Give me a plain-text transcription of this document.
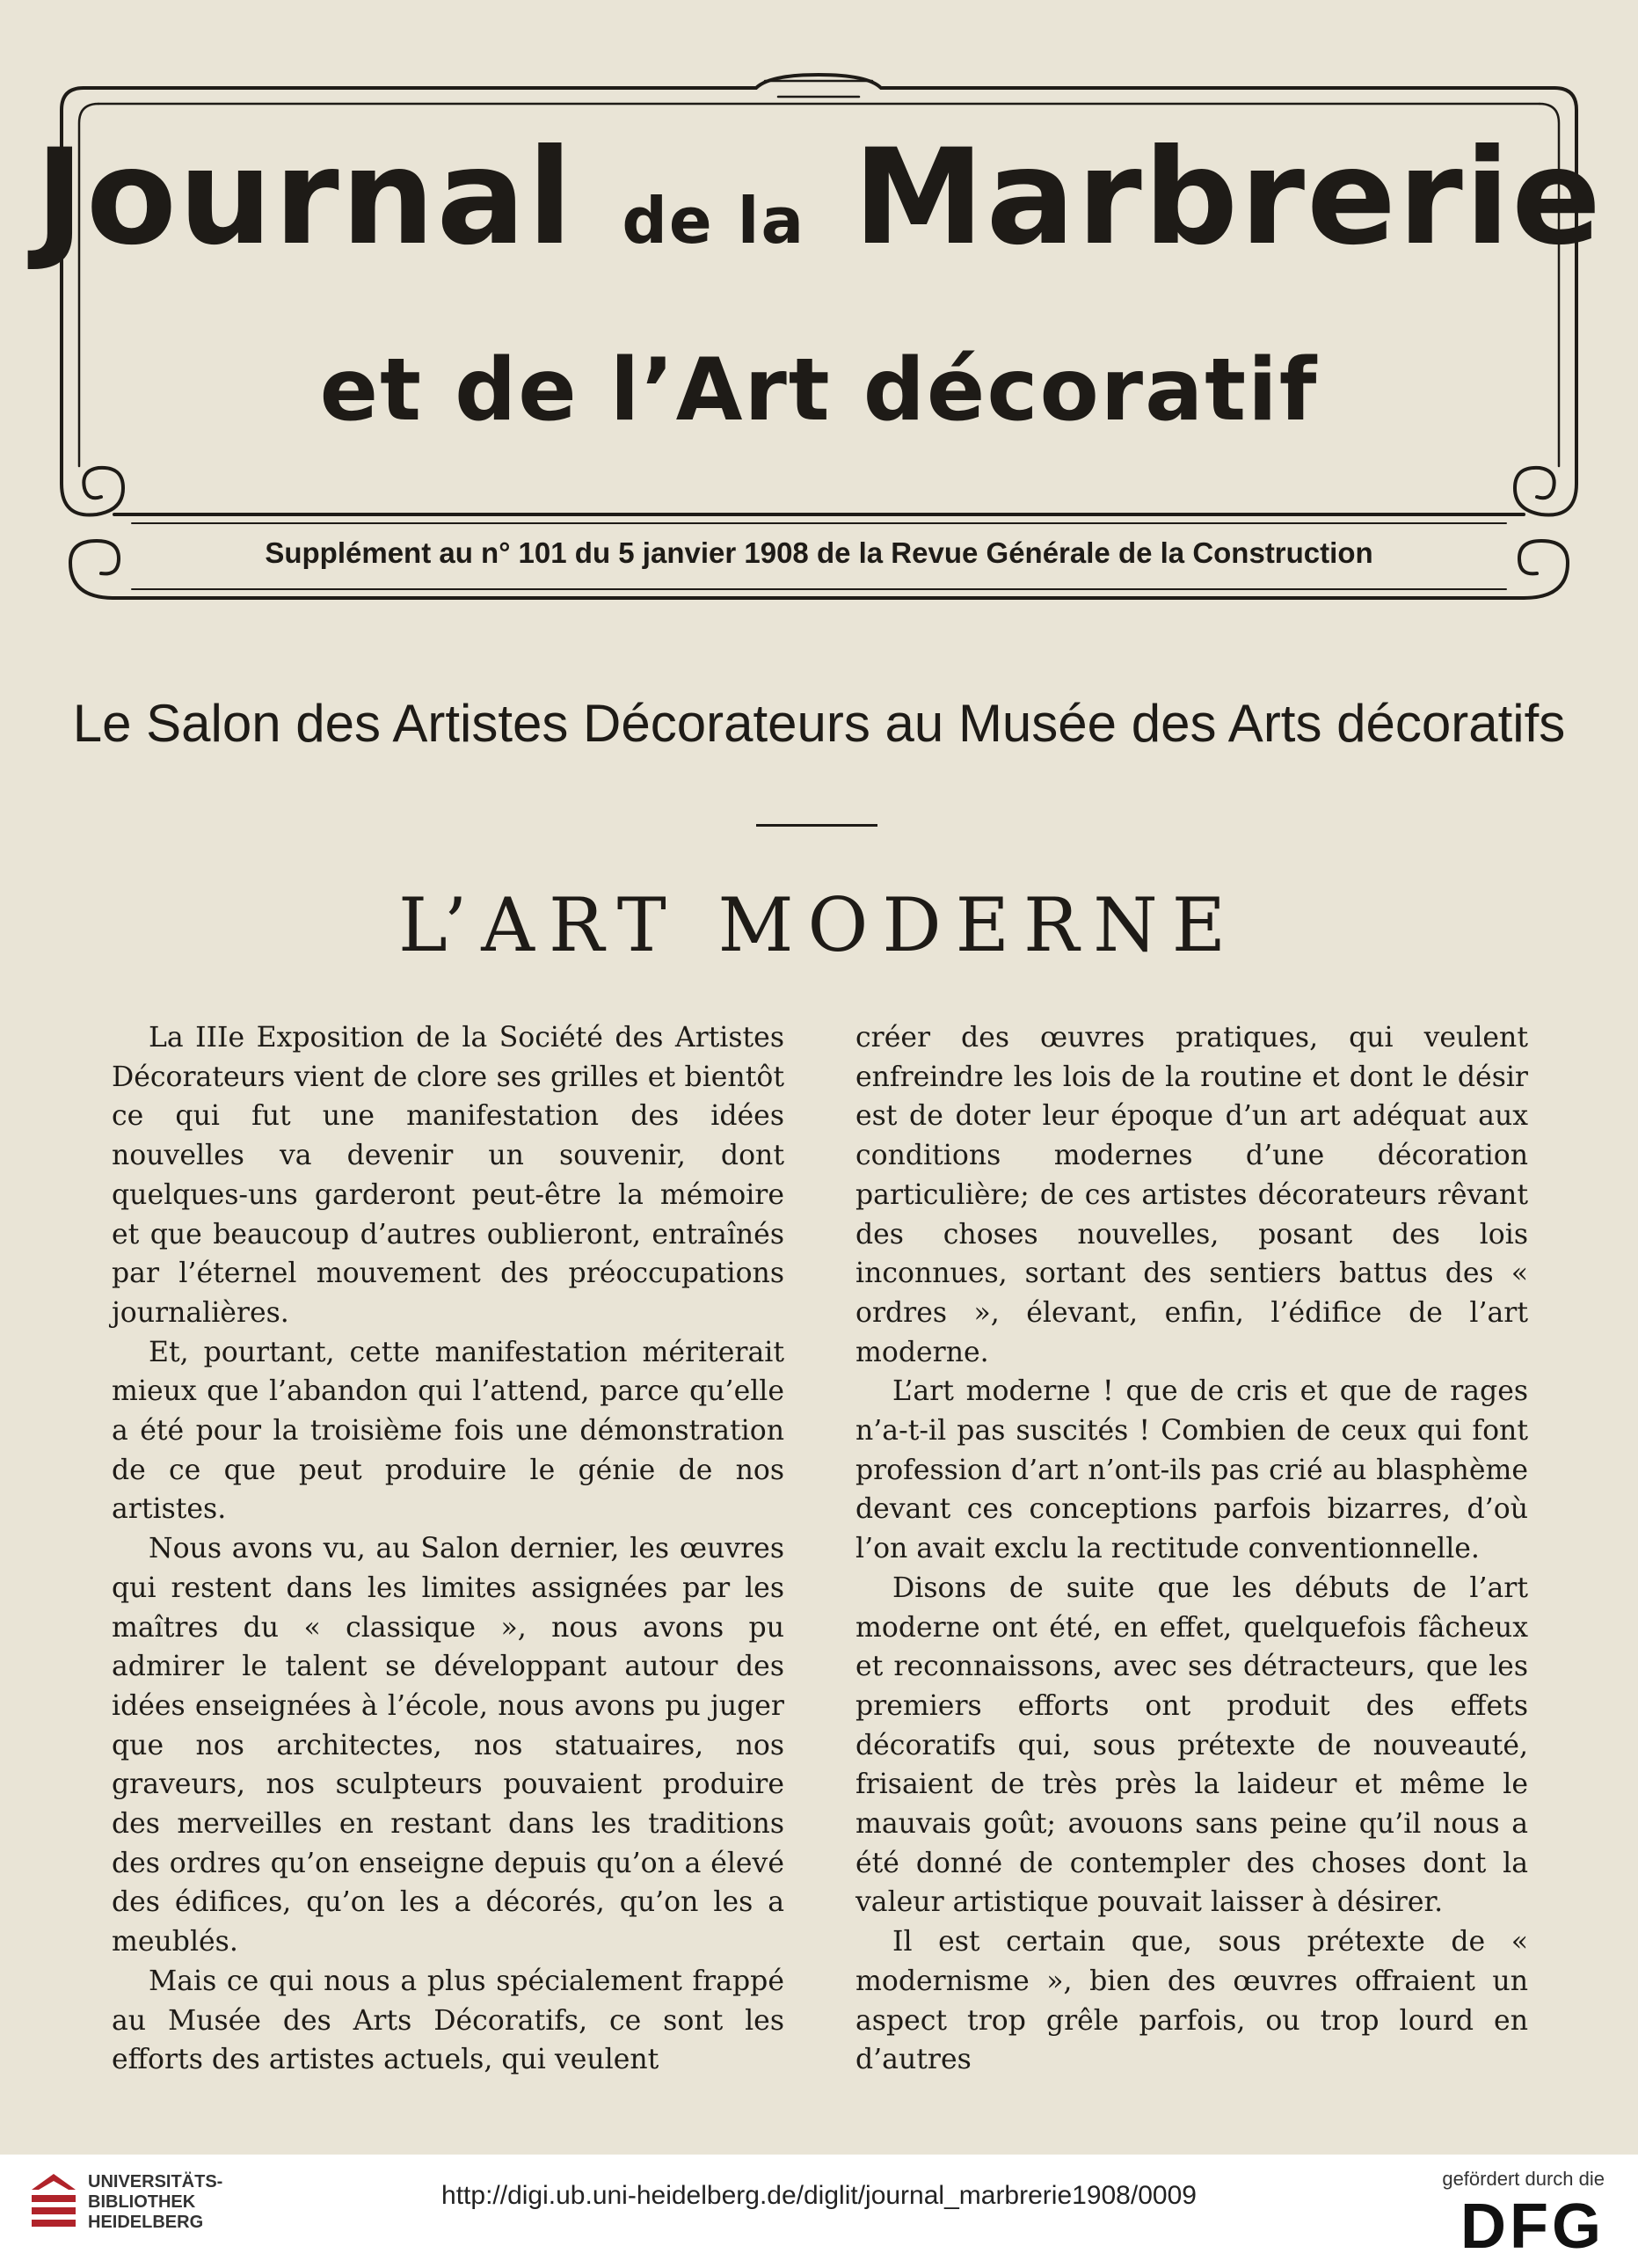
Journal de la Marbrerie
et de l’Art décoratif
Supplément au n° 101 du 5 janvier 1908 de la Revue Générale de la Construction
Le Salon des Artistes Décorateurs au Musée des Arts décoratifs
L’ART MODERNE

La IIIe Exposition de la Société des Artistes Décorateurs vient de clore ses grilles et bientôt ce qui fut une manifestation des idées nouvelles va devenir un souvenir, dont quelques-uns garderont peut-être la mémoire et que beaucoup d’autres oublieront, entraînés par l’éternel mouvement des préoccupations journalières.

Et, pourtant, cette manifestation mériterait mieux que l’abandon qui l’attend, parce qu’elle a été pour la troisième fois une démonstration de ce que peut produire le génie de nos artistes.

Nous avons vu, au Salon dernier, les œuvres qui restent dans les limites assignées par les maîtres du « classique », nous avons pu admirer le talent se développant autour des idées enseignées à l’école, nous avons pu juger que nos architectes, nos statuaires, nos graveurs, nos sculpteurs pouvaient produire des merveilles en restant dans les traditions des ordres qu’on enseigne depuis qu’on a élevé des édifices, qu’on les a décorés, qu’on les a meublés.

Mais ce qui nous a plus spécialement frappé au Musée des Arts Décoratifs, ce sont les efforts des artistes actuels, qui veulent

créer des œuvres pratiques, qui veulent enfreindre les lois de la routine et dont le désir est de doter leur époque d’un art adéquat aux conditions modernes d’une décoration particulière; de ces artistes décorateurs rêvant des choses nouvelles, posant des lois inconnues, sortant des sentiers battus des « ordres », élevant, enfin, l’édifice de l’art moderne.

L’art moderne ! que de cris et que de rages n’a-t-il pas suscités ! Combien de ceux qui font profession d’art n’ont-ils pas crié au blasphème devant ces conceptions parfois bizarres, d’où l’on avait exclu la rectitude conventionnelle.

Disons de suite que les débuts de l’art moderne ont été, en effet, quelquefois fâcheux et reconnaissons, avec ses détracteurs, que les premiers efforts ont produit des effets décoratifs qui, sous prétexte de nouveauté, frisaient de très près la laideur et même le mauvais goût; avouons sans peine qu’il nous a été donné de contempler des choses dont la valeur artistique pouvait laisser à désirer.

Il est certain que, sous prétexte de « modernisme », bien des œuvres offraient un aspect trop grêle parfois, ou trop lourd en d’autres

UNIVERSITÄTS-
BIBLIOTHEK
HEIDELBERG
http://digi.ub.uni-heidelberg.de/diglit/journal_marbrerie1908/0009
gefördert durch die
DFG
